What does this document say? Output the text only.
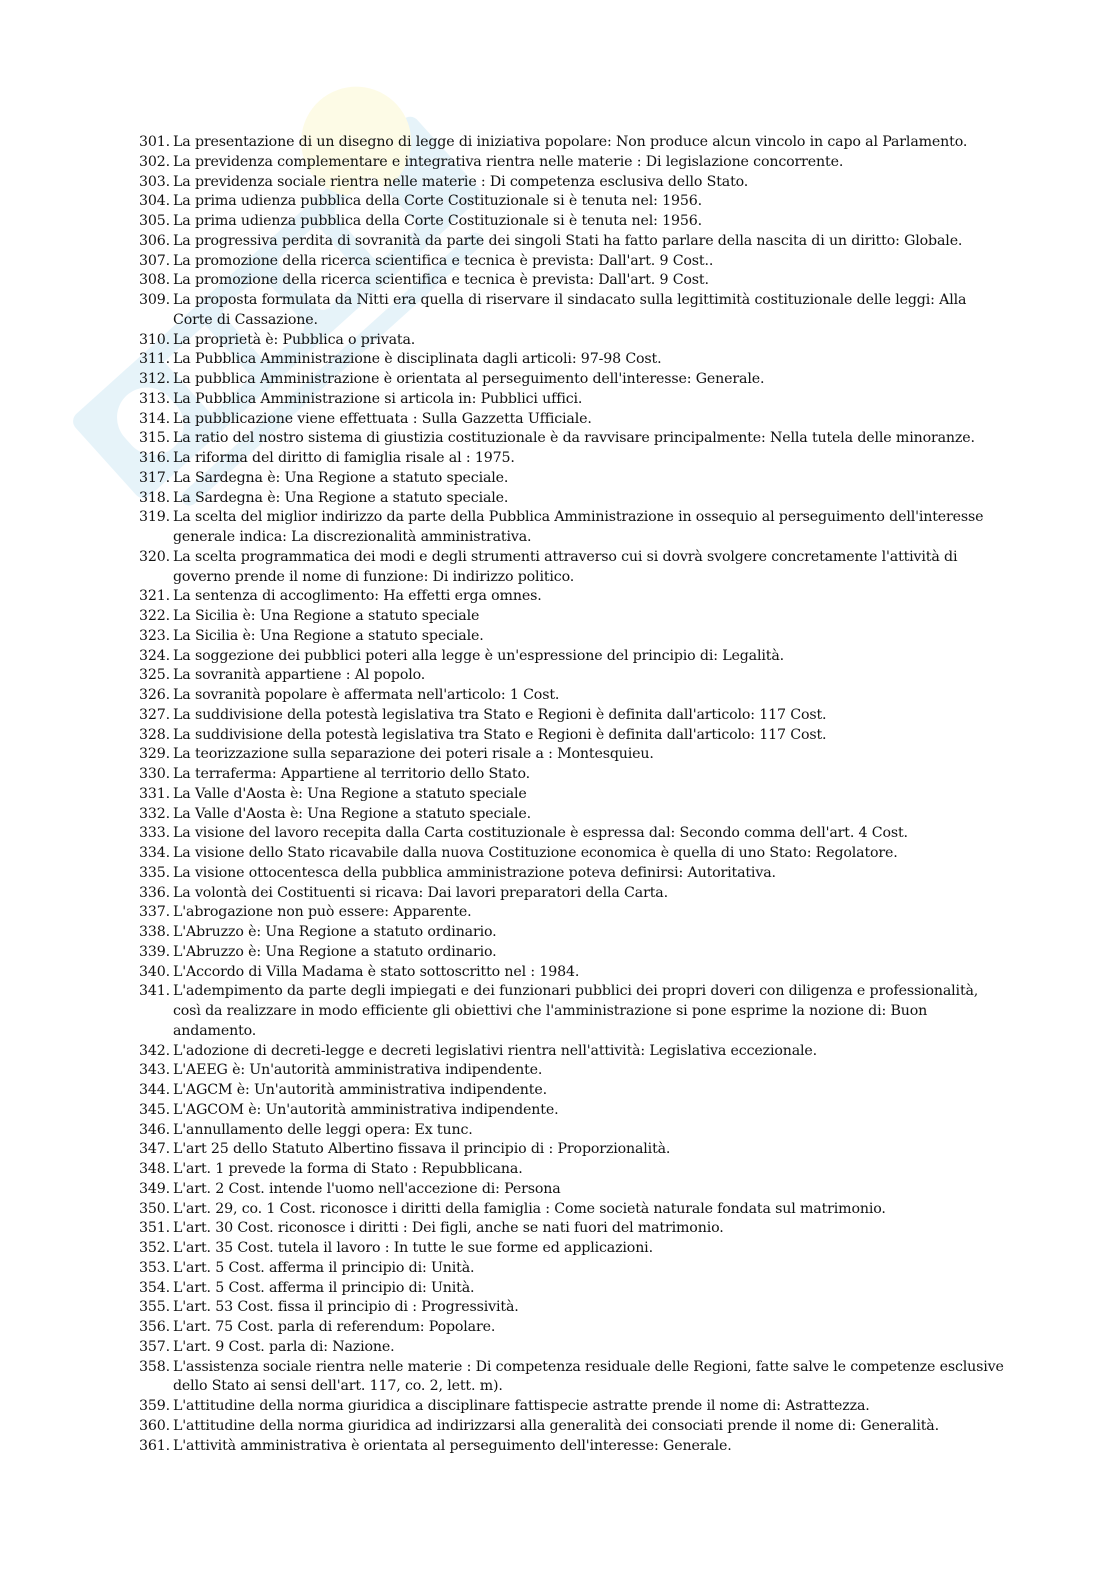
301. La presentazione di un disegno di legge di iniziativa popolare: Non produce alcun vincolo in capo al Parlamento.
302. La previdenza complementare e integrativa rientra nelle materie : Di legislazione concorrente.
303. La previdenza sociale rientra nelle materie : Di competenza esclusiva dello Stato.
304. La prima udienza pubblica della Corte Costituzionale si è tenuta nel: 1956.
305. La prima udienza pubblica della Corte Costituzionale si è tenuta nel: 1956.
306. La progressiva perdita di sovranità da parte dei singoli Stati ha fatto parlare della nascita di un diritto: Globale.
307. La promozione della ricerca scientifica e tecnica è prevista: Dall'art. 9 Cost..
308. La promozione della ricerca scientifica e tecnica è prevista: Dall'art. 9 Cost.
309. La proposta formulata da Nitti era quella di riservare il sindacato sulla legittimità costituzionale delle leggi: Alla Corte di Cassazione.
310. La proprietà è: Pubblica o privata.
311. La Pubblica Amministrazione è disciplinata dagli articoli: 97-98 Cost.
312. La pubblica Amministrazione è orientata al perseguimento dell'interesse: Generale.
313. La Pubblica Amministrazione si articola in: Pubblici uffici.
314. La pubblicazione viene effettuata : Sulla Gazzetta Ufficiale.
315. La ratio del nostro sistema di giustizia costituzionale è da ravvisare principalmente: Nella tutela delle minoranze.
316. La riforma del diritto di famiglia risale al : 1975.
317. La Sardegna è: Una Regione a statuto speciale.
318. La Sardegna è: Una Regione a statuto speciale.
319. La scelta del miglior indirizzo da parte della Pubblica Amministrazione in ossequio al perseguimento dell'interesse generale indica: La discrezionalità amministrativa.
320. La scelta programmatica dei modi e degli strumenti attraverso cui si dovrà svolgere concretamente l'attività di governo prende il nome di funzione: Di indirizzo politico.
321. La sentenza di accoglimento: Ha effetti erga omnes.
322. La Sicilia è: Una Regione a statuto speciale
323. La Sicilia è: Una Regione a statuto speciale.
324. La soggezione dei pubblici poteri alla legge è un'espressione del principio di: Legalità.
325. La sovranità appartiene : Al popolo.
326. La sovranità popolare è affermata nell'articolo: 1 Cost.
327. La suddivisione della potestà legislativa tra Stato e Regioni è definita dall'articolo: 117 Cost.
328. La suddivisione della potestà legislativa tra Stato e Regioni è definita dall'articolo: 117 Cost.
329. La teorizzazione sulla separazione dei poteri risale a : Montesquieu.
330. La terraferma: Appartiene al territorio dello Stato.
331. La Valle d'Aosta è: Una Regione a statuto speciale
332. La Valle d'Aosta è: Una Regione a statuto speciale.
333. La visione del lavoro recepita dalla Carta costituzionale è espressa dal: Secondo comma dell'art. 4 Cost.
334. La visione dello Stato ricavabile dalla nuova Costituzione economica è quella di uno Stato: Regolatore.
335. La visione ottocentesca della pubblica amministrazione poteva definirsi: Autoritativa.
336. La volontà dei Costituenti si ricava: Dai lavori preparatori della Carta.
337. L'abrogazione non può essere: Apparente.
338. L'Abruzzo è: Una Regione a statuto ordinario.
339. L'Abruzzo è: Una Regione a statuto ordinario.
340. L'Accordo di Villa Madama è stato sottoscritto nel : 1984.
341. L'adempimento da parte degli impiegati e dei funzionari pubblici dei propri doveri con diligenza e professionalità, così da realizzare in modo efficiente gli obiettivi che l'amministrazione si pone esprime la nozione di: Buon andamento.
342. L'adozione di decreti-legge e decreti legislativi rientra nell'attività: Legislativa eccezionale.
343. L'AEEG è: Un'autorità amministrativa indipendente.
344. L'AGCM è: Un'autorità amministrativa indipendente.
345. L'AGCOM è: Un'autorità amministrativa indipendente.
346. L'annullamento delle leggi opera: Ex tunc.
347. L'art 25 dello Statuto Albertino fissava il principio di : Proporzionalità.
348. L'art. 1 prevede la forma di Stato : Repubblicana.
349. L'art. 2 Cost. intende l'uomo nell'accezione di: Persona
350. L'art. 29, co. 1 Cost. riconosce i diritti della famiglia : Come società naturale fondata sul matrimonio.
351. L'art. 30 Cost. riconosce i diritti : Dei figli, anche se nati fuori del matrimonio.
352. L'art. 35 Cost. tutela il lavoro : In tutte le sue forme ed applicazioni.
353. L'art. 5 Cost. afferma il principio di: Unità.
354. L'art. 5 Cost. afferma il principio di: Unità.
355. L'art. 53 Cost. fissa il principio di : Progressività.
356. L'art. 75 Cost. parla di referendum: Popolare.
357. L'art. 9 Cost. parla di: Nazione.
358. L'assistenza sociale rientra nelle materie : Di competenza residuale delle Regioni, fatte salve le competenze esclusive dello Stato ai sensi dell'art. 117, co. 2, lett. m).
359. L'attitudine della norma giuridica a disciplinare fattispecie astratte prende il nome di: Astrattezza.
360. L'attitudine della norma giuridica ad indirizzarsi alla generalità dei consociati prende il nome di: Generalità.
361. L'attività amministrativa è orientata al perseguimento dell'interesse: Generale.
